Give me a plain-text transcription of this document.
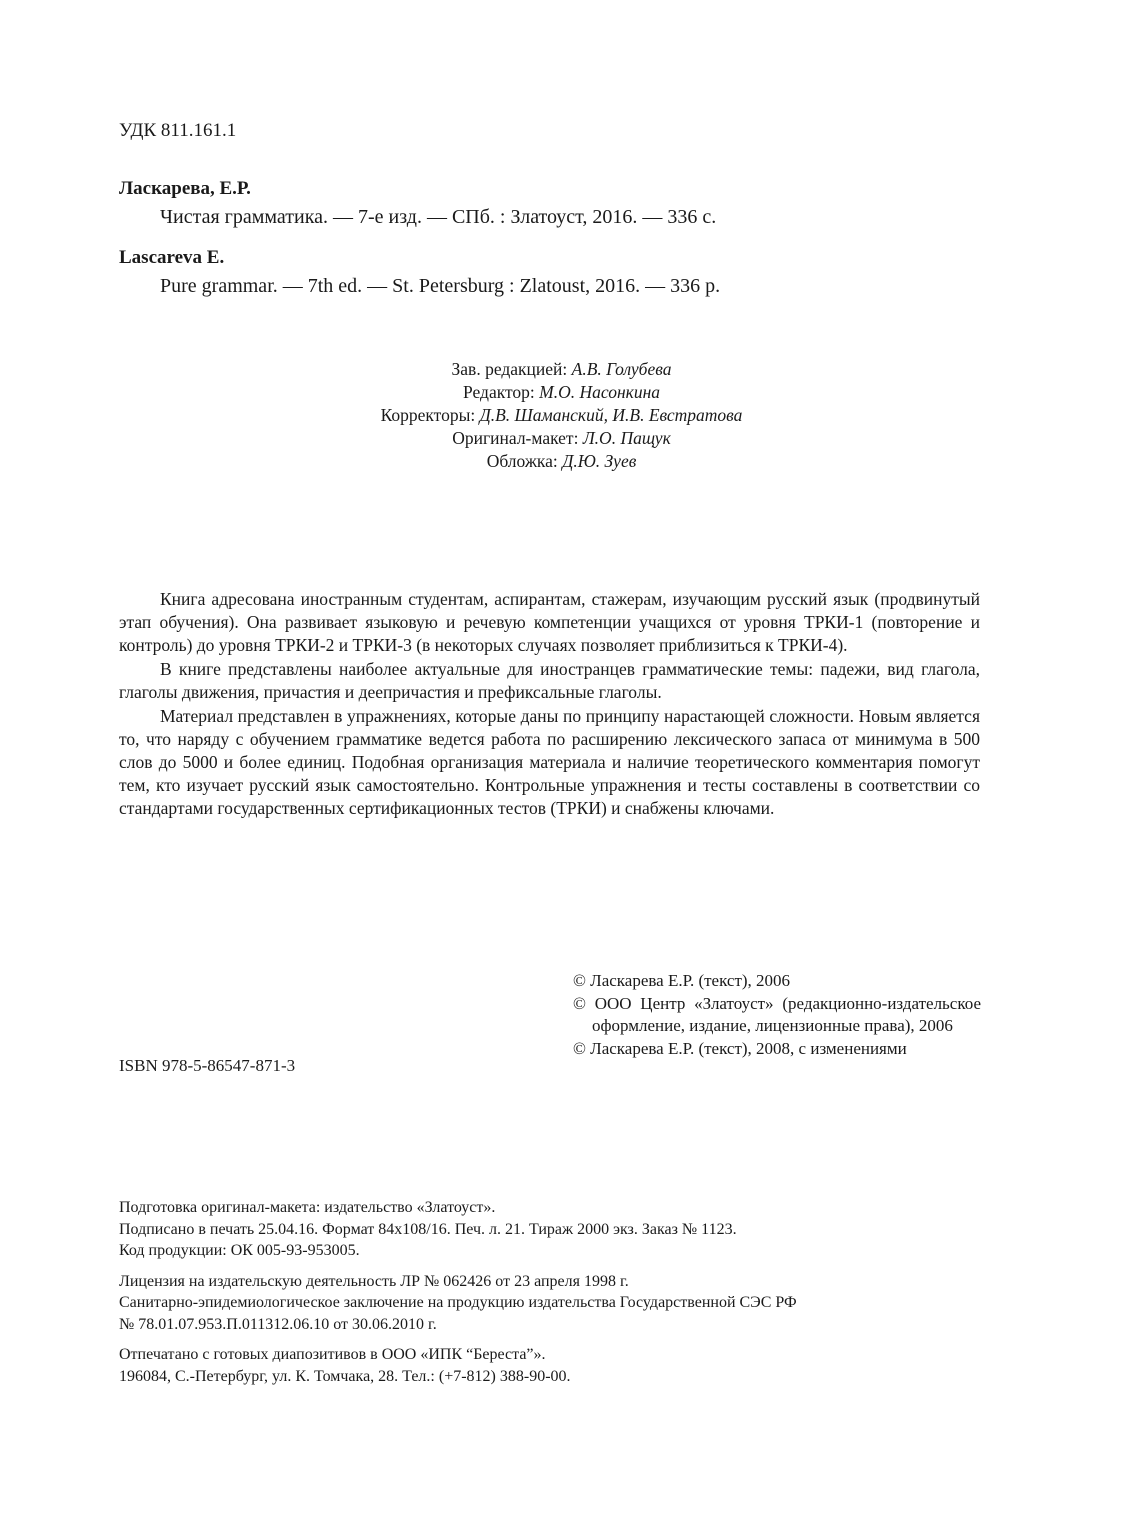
УДК 811.161.1
Ласкарева, Е.Р.
Чистая грамматика. — 7-е изд. — СПб. : Златоуст, 2016. — 336 с.
Lascareva E.
Pure grammar. — 7th ed. — St. Petersburg : Zlatoust, 2016. — 336 p.
Зав. редакцией: А.В. Голубева
Редактор: М.О. Насонкина
Корректоры: Д.В. Шаманский, И.В. Евстратова
Оригинал-макет: Л.О. Пащук
Обложка: Д.Ю. Зуев

Книга адресована иностранным студентам, аспирантам, стажерам, изучающим русский язык (продвинутый этап обучения). Она развивает языковую и речевую компетенции учащихся от уровня ТРКИ-1 (повторение и контроль) до уровня ТРКИ-2 и ТРКИ-3 (в некоторых случаях позволяет приблизиться к ТРКИ-4).

В книге представлены наиболее актуальные для иностранцев грамматические темы: падежи, вид глагола, глаголы движения, причастия и деепричастия и префиксальные глаголы.

Материал представлен в упражнениях, которые даны по принципу нарастающей сложности. Новым является то, что наряду с обучением грамматике ведется работа по расширению лексического запаса от минимума в 500 слов до 5000 и более единиц. Подобная организация материала и наличие теоретического комментария помогут тем, кто изучает русский язык самостоятельно. Контрольные упражнения и тесты составлены в соответствии со стандартами государственных сертификационных тестов (ТРКИ) и снабжены ключами.

© Ласкарева Е.Р. (текст), 2006
© ООО Центр «Златоуст» (редакционно-издательское оформление, издание, лицензионные права), 2006
© Ласкарева Е.Р. (текст), 2008, с изменениями
ISBN 978-5-86547-871-3
Подготовка оригинал-макета: издательство «Златоуст».
Подписано в печать 25.04.16. Формат 84х108/16. Печ. л. 21. Тираж 2000 экз. Заказ № 1123.
Код продукции: ОК 005-93-953005.
Лицензия на издательскую деятельность ЛР № 062426 от 23 апреля 1998 г.
Санитарно-эпидемиологическое заключение на продукцию издательства Государственной СЭС РФ
№ 78.01.07.953.П.011312.06.10 от 30.06.2010 г.
Отпечатано с готовых диапозитивов в ООО «ИПК “Береста”».
196084, С.-Петербург, ул. К. Томчака, 28. Тел.: (+7-812) 388-90-00.
